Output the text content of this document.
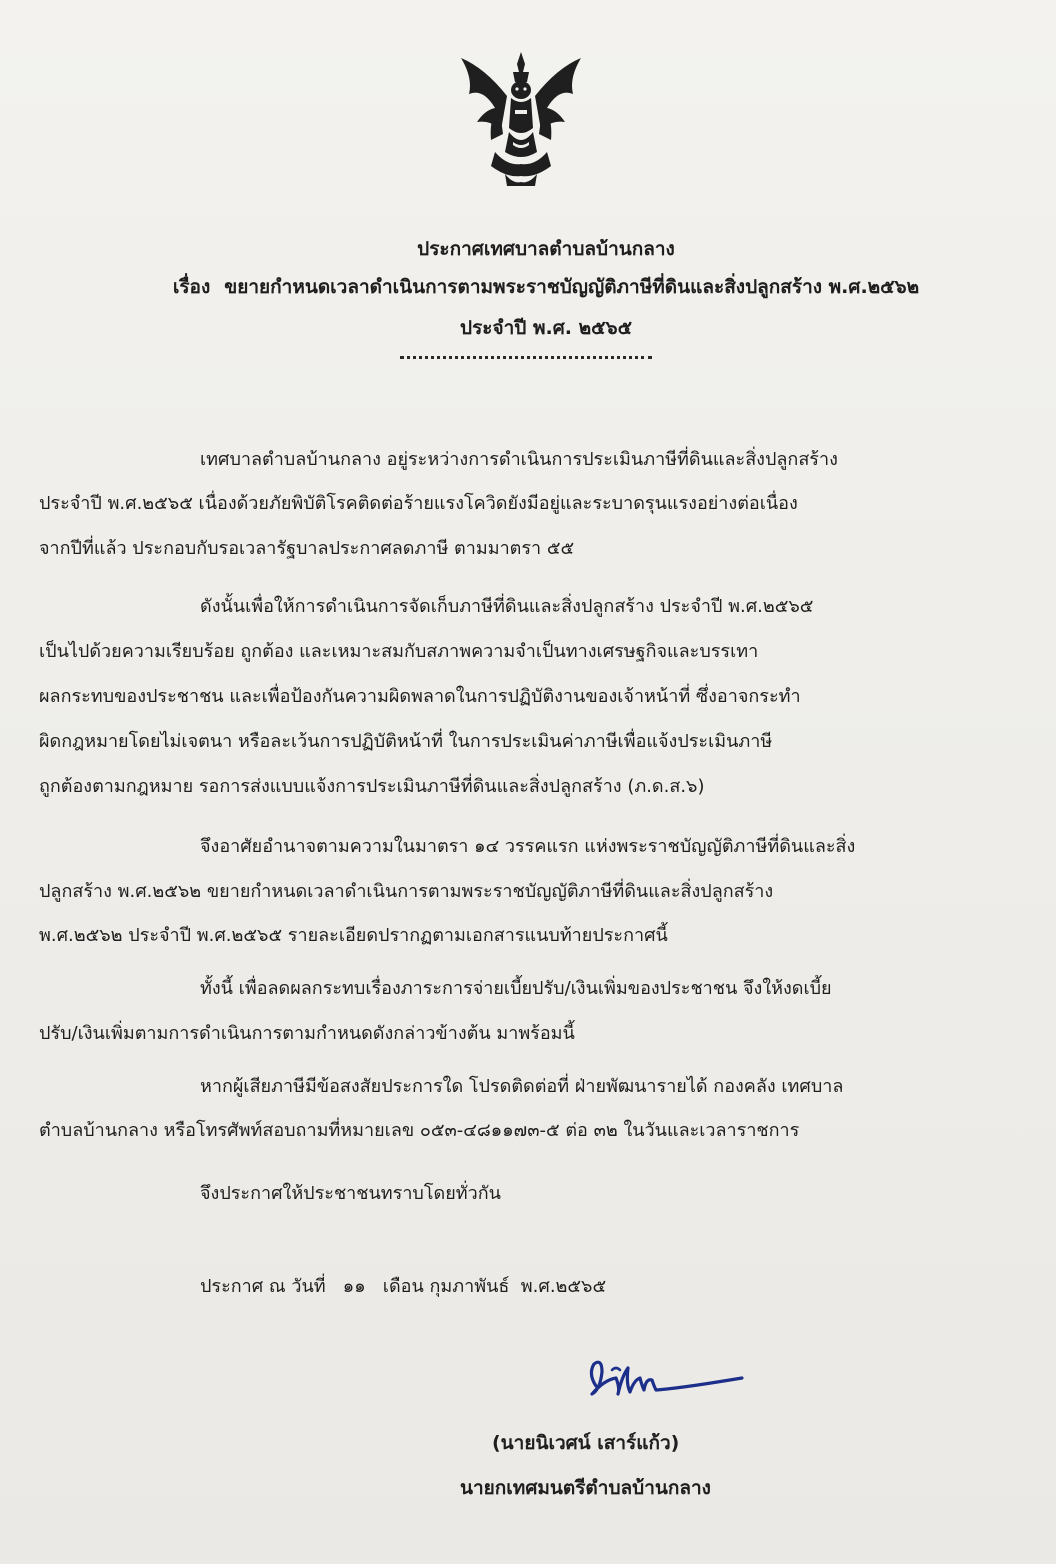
ประกาศเทศบาลตำบลบ้านกลาง
เรื่อง ขยายกำหนดเวลาดำเนินการตามพระราชบัญญัติภาษีที่ดินและสิ่งปลูกสร้าง พ.ศ.๒๕๖๒
ประจำปี พ.ศ. ๒๕๖๕
เทศบาลตำบลบ้านกลาง อยู่ระหว่างการดำเนินการประเมินภาษีที่ดินและสิ่งปลูกสร้าง
ประจำปี พ.ศ.๒๕๖๕ เนื่องด้วยภัยพิบัติโรคติดต่อร้ายแรงโควิดยังมีอยู่และระบาดรุนแรงอย่างต่อเนื่อง
จากปีที่แล้ว ประกอบกับรอเวลารัฐบาลประกาศลดภาษี ตามมาตรา ๕๕
ดังนั้นเพื่อให้การดำเนินการจัดเก็บภาษีที่ดินและสิ่งปลูกสร้าง ประจำปี พ.ศ.๒๕๖๕
เป็นไปด้วยความเรียบร้อย ถูกต้อง และเหมาะสมกับสภาพความจำเป็นทางเศรษฐกิจและบรรเทา
ผลกระทบของประชาชน และเพื่อป้องกันความผิดพลาดในการปฏิบัติงานของเจ้าหน้าที่ ซึ่งอาจกระทำ
ผิดกฎหมายโดยไม่เจตนา หรือละเว้นการปฏิบัติหน้าที่ ในการประเมินค่าภาษีเพื่อแจ้งประเมินภาษี
ถูกต้องตามกฎหมาย รอการส่งแบบแจ้งการประเมินภาษีที่ดินและสิ่งปลูกสร้าง (ภ.ด.ส.๖)
จึงอาศัยอำนาจตามความในมาตรา ๑๔ วรรคแรก แห่งพระราชบัญญัติภาษีที่ดินและสิ่ง
ปลูกสร้าง พ.ศ.๒๕๖๒ ขยายกำหนดเวลาดำเนินการตามพระราชบัญญัติภาษีที่ดินและสิ่งปลูกสร้าง
พ.ศ.๒๕๖๒ ประจำปี พ.ศ.๒๕๖๕ รายละเอียดปรากฏตามเอกสารแนบท้ายประกาศนี้
ทั้งนี้ เพื่อลดผลกระทบเรื่องภาระการจ่ายเบี้ยปรับ/เงินเพิ่มของประชาชน จึงให้งดเบี้ย
ปรับ/เงินเพิ่มตามการดำเนินการตามกำหนดดังกล่าวข้างต้น มาพร้อมนี้
หากผู้เสียภาษีมีข้อสงสัยประการใด โปรดติดต่อที่ ฝ่ายพัฒนารายได้ กองคลัง เทศบาล
ตำบลบ้านกลาง หรือโทรศัพท์สอบถามที่หมายเลข ๐๕๓-๔๘๑๑๗๓-๕ ต่อ ๓๒ ในวันและเวลาราชการ
จึงประกาศให้ประชาชนทราบโดยทั่วกัน
ประกาศ ณ วันที่   ๑๑   เดือน กุมภาพันธ์  พ.ศ.๒๕๖๕
(นายนิเวศน์ เสาร์แก้ว)
นายกเทศมนตรีตำบลบ้านกลาง
